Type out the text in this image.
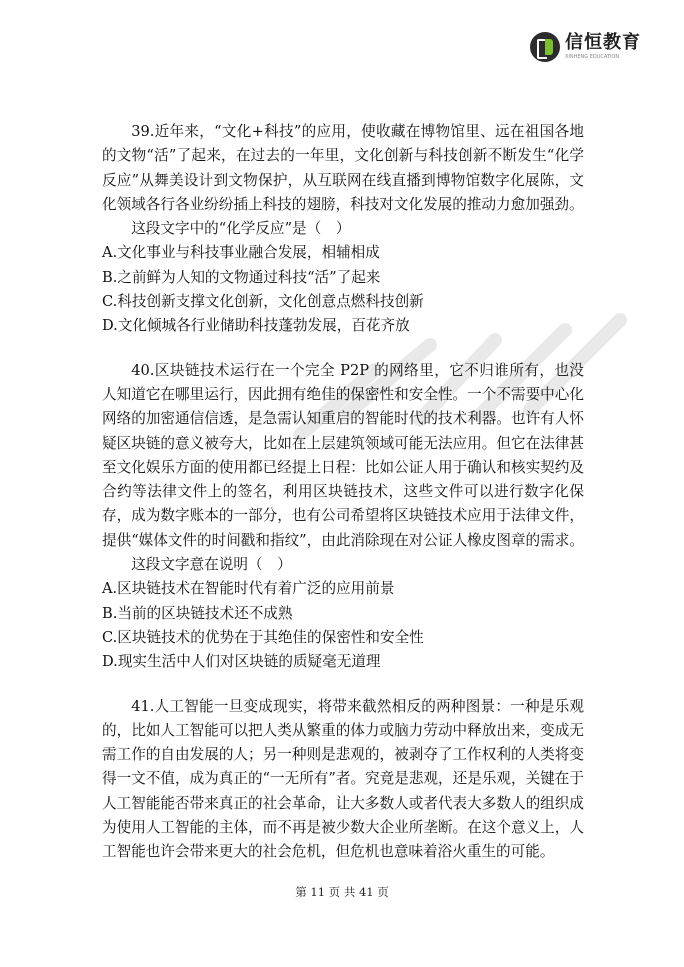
信恒教育
XINHENG EDUCATION

39.近年来，“文化+科技”的应用，使收藏在博物馆里、远在祖国各地的文物“活”了起来，在过去的一年里，文化创新与科技创新不断发生“化学反应”从舞美设计到文物保护，从互联网在线直播到博物馆数字化展陈，文化领域各行各业纷纷插上科技的翅膀，科技对文化发展的推动力愈加强劲。

这段文字中的“化学反应”是（　）

A.文化事业与科技事业融合发展，相辅相成

B.之前鲜为人知的文物通过科技“活”了起来

C.科技创新支撑文化创新，文化创意点燃科技创新

D.文化倾城各行业储助科技蓬勃发展，百花齐放

40.区块链技术运行在一个完全 P2P 的网络里，它不归谁所有，也没人知道它在哪里运行，因此拥有绝佳的保密性和安全性。一个不需要中心化网络的加密通信信透，是急需认知重启的智能时代的技术利器。也许有人怀疑区块链的意义被夸大，比如在上层建筑领域可能无法应用。但它在法律甚至文化娱乐方面的使用都已经提上日程：比如公证人用于确认和核实契约及合约等法律文件上的签名，利用区块链技术，这些文件可以进行数字化保存，成为数字账本的一部分，也有公司希望将区块链技术应用于法律文件，提供“媒体文件的时间戳和指纹”，由此消除现在对公证人橡皮图章的需求。

这段文字意在说明（　）

A.区块链技术在智能时代有着广泛的应用前景

B.当前的区块链技术还不成熟

C.区块链技术的优势在于其绝佳的保密性和安全性

D.现实生活中人们对区块链的质疑毫无道理

41.人工智能一旦变成现实，将带来截然相反的两种图景：一种是乐观的，比如人工智能可以把人类从繁重的体力或脑力劳动中释放出来，变成无需工作的自由发展的人；另一种则是悲观的，被剥夺了工作权利的人类将变得一文不值，成为真正的“一无所有”者。究竟是悲观，还是乐观，关键在于人工智能能否带来真正的社会革命，让大多数人或者代表大多数人的组织成为使用人工智能的主体，而不再是被少数大企业所垄断。在这个意义上，人工智能也许会带来更大的社会危机，但危机也意味着浴火重生的可能。

第 11 页 共 41 页
